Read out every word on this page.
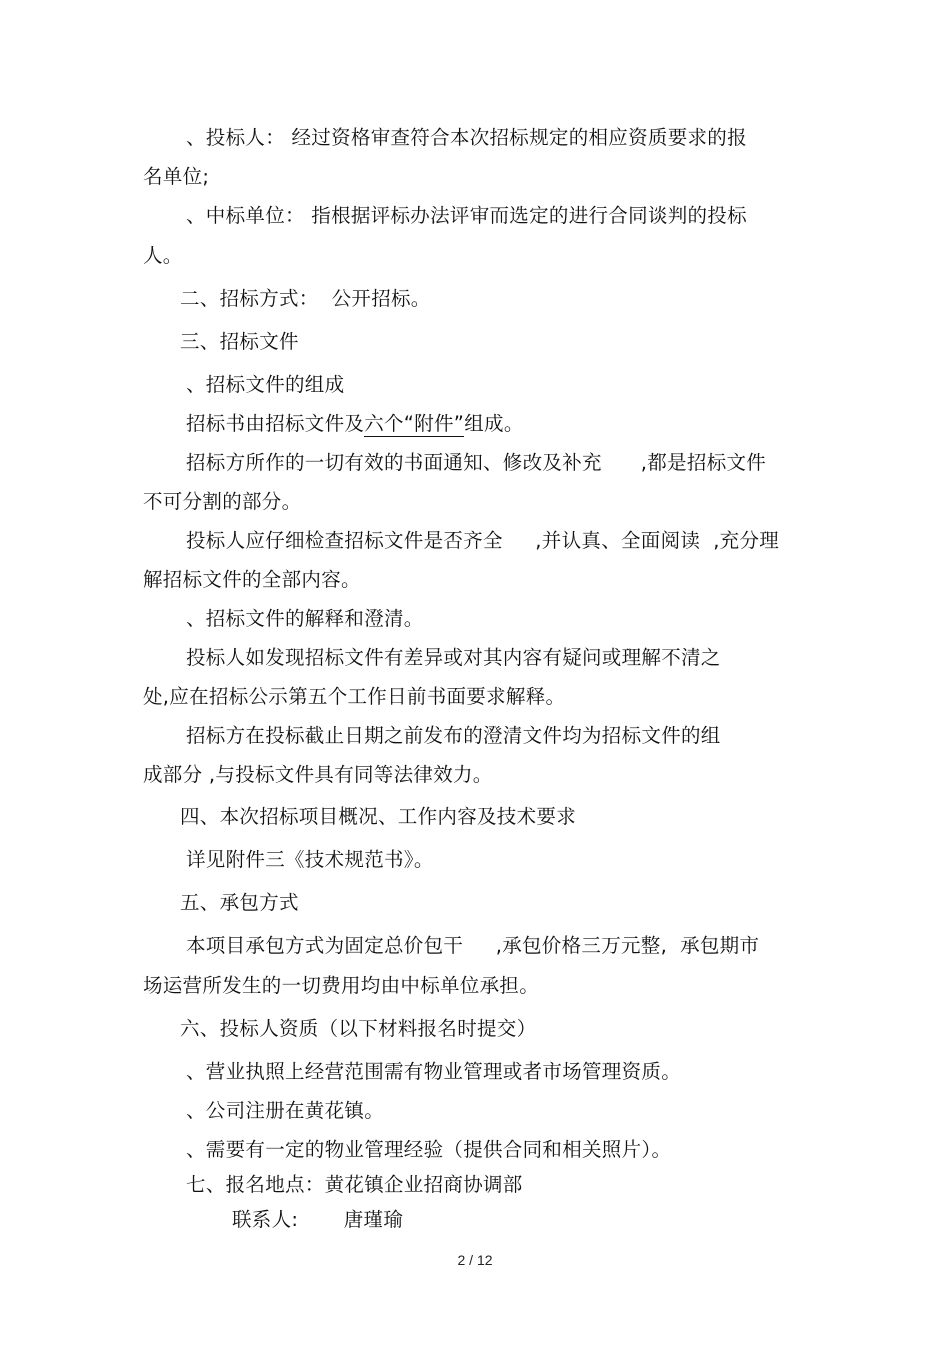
、投标人： 经过资格审查符合本次招标规定的相应资质要求的报
名单位;
、中标单位： 指根据评标办法评审而选定的进行合同谈判的投标
人。
二、招标方式：  公开招标。
三、招标文件
、招标文件的组成
招标书由招标文件及六个“附件”组成。
招标方所作的一切有效的书面通知、修改及补充      ,都是招标文件
不可分割的部分。
投标人应仔细检查招标文件是否齐全     ,并认真、全面阅读  ,充分理
解招标文件的全部内容。
、招标文件的解释和澄清。
投标人如发现招标文件有差异或对其内容有疑问或理解不清之
处,应在招标公示第五个工作日前书面要求解释。
招标方在投标截止日期之前发布的澄清文件均为招标文件的组
成部分 ,与投标文件具有同等法律效力。
四、本次招标项目概况、工作内容及技术要求
详见附件三《技术规范书》。
五、承包方式
本项目承包方式为固定总价包干     ,承包价格三万元整,  承包期市
场运营所发生的一切费用均由中标单位承担。
六、投标人资质（以下材料报名时提交）
、营业执照上经营范围需有物业管理或者市场管理资质。
、公司注册在黄花镇。
、需要有一定的物业管理经验（提供合同和相关照片）。
七、报名地点：黄花镇企业招商协调部
联系人:       唐瑾瑜
2 / 12
